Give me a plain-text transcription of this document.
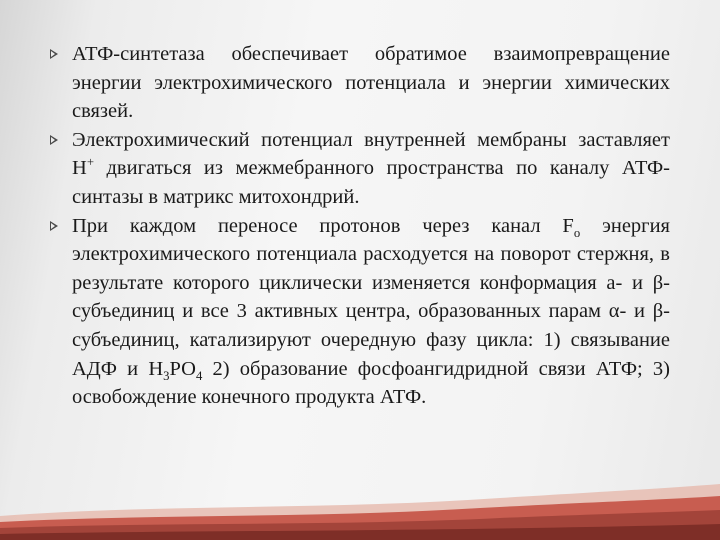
АТФ-синтетаза обеспечивает обратимое взаимопревращение энергии электрохимического потенциала и энергии химических связей.
Электрохимический потенциал внутренней мембраны заставляет Н+ двигаться из межмебранного пространства по каналу АТФ-синтазы в матрикс митохондрий.
При каждом переносе протонов через канал $F_o$ энергия электрохимического потенциала расходуется на поворот стержня, в результате которого циклически изменяется конформация a- и β-субъединиц и все 3 активных центра, образованных парам α- и β-субъединиц, катализируют очередную фазу цикла: 1) связывание АДФ и $Н_3РО_4$ 2) образование фосфоангидридной связи АТФ; 3) освобождение конечного продукта АТФ.
